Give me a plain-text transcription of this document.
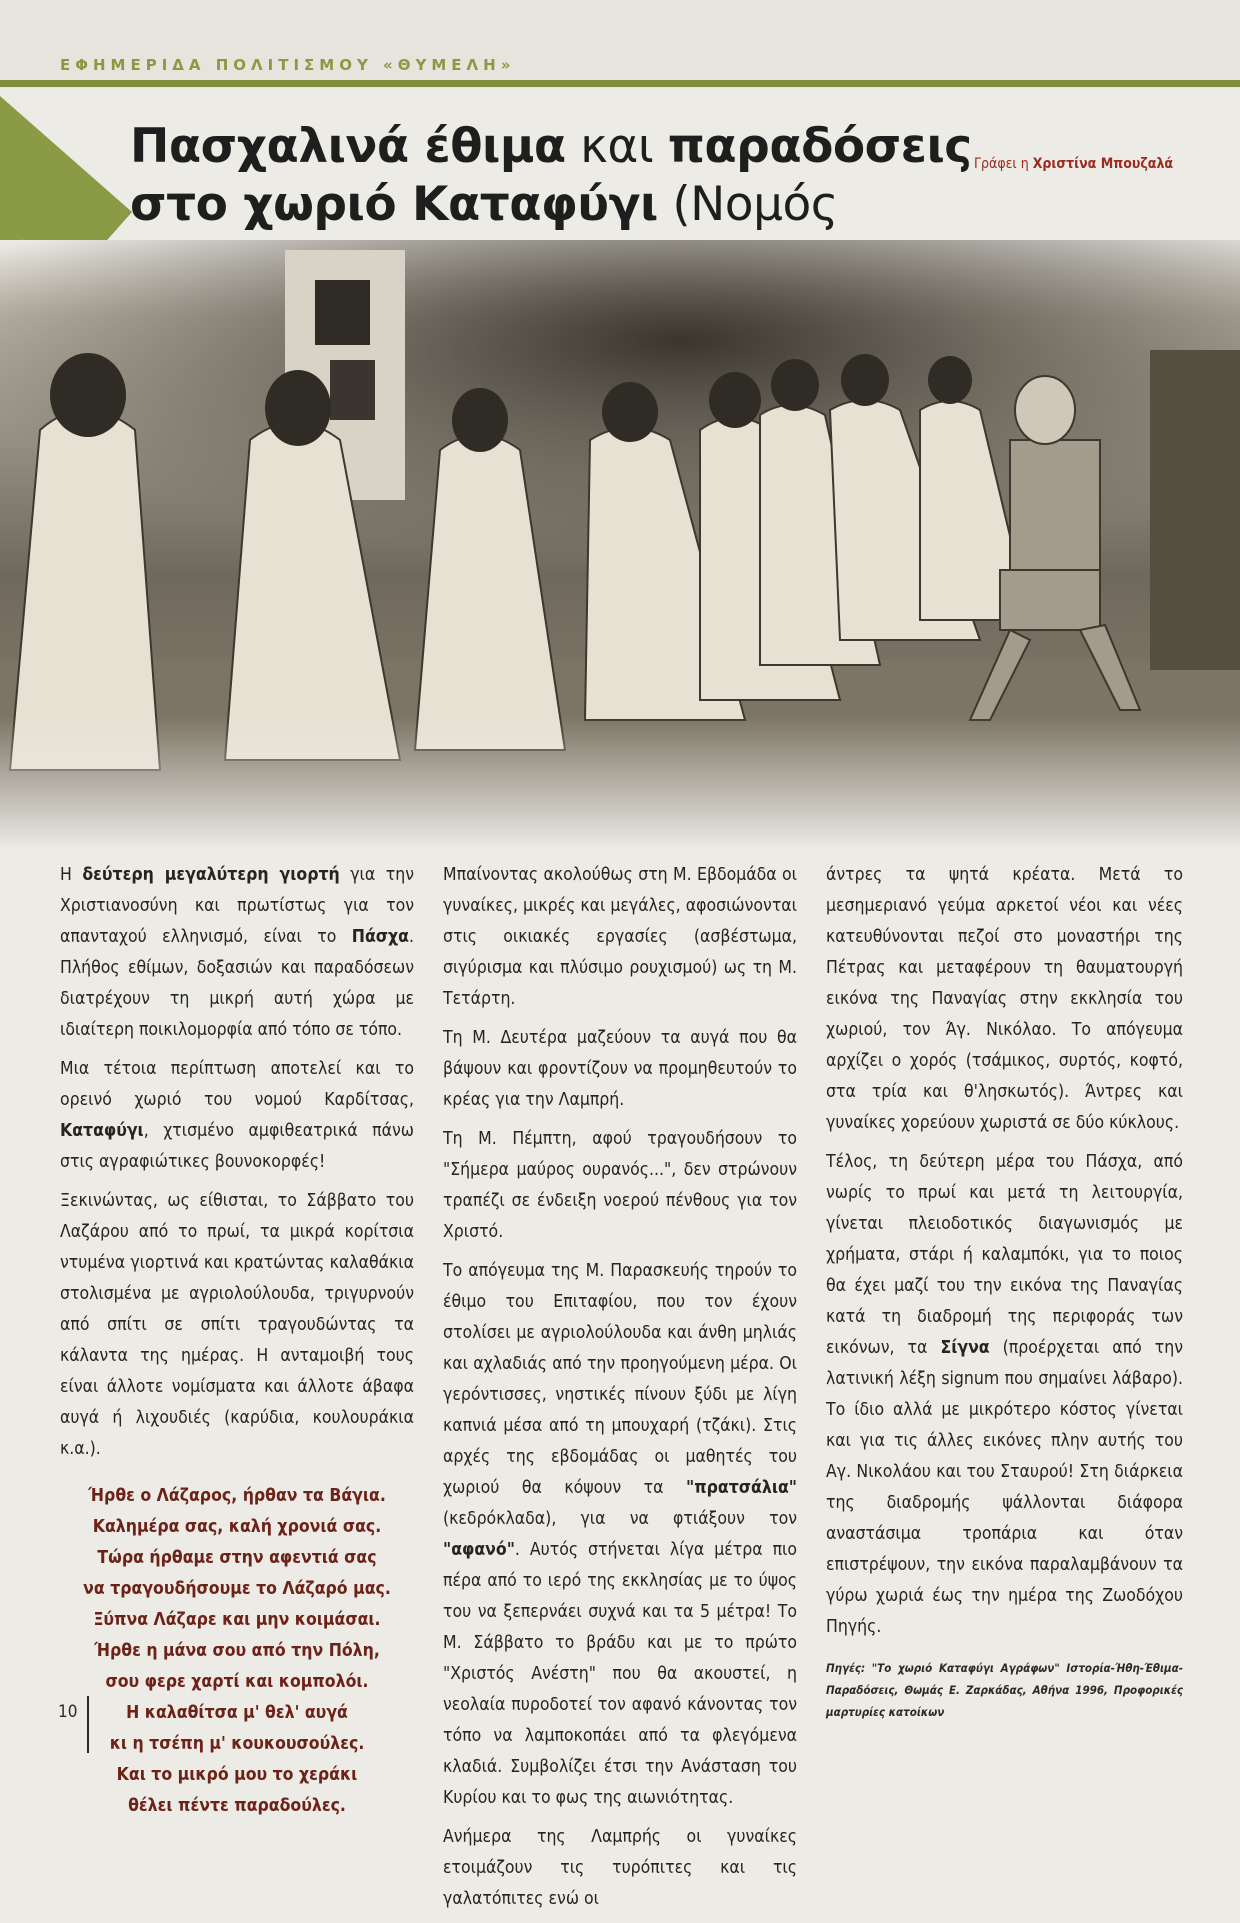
ΕΦΗΜΕΡΙΔΑ ΠΟΛΙΤΙΣΜΟΥ «ΘΥΜΕΛΗ»
Πασχαλινά έθιμα και παραδόσεις
στο χωριό Καταφύγι (Νομός
Γράφει η Χριστίνα Μπουζαλά

Η δεύτερη μεγαλύτερη γιορτή για την Χριστιανοσύνη και πρωτίστως για τον απανταχού ελληνισμό, είναι το Πάσχα. Πλήθος εθίμων, δοξασιών και παραδόσεων διατρέχουν τη μικρή αυτή χώρα με ιδιαίτερη ποικιλομορφία από τόπο σε τόπο.

Μια τέτοια περίπτωση αποτελεί και το ορεινό χωριό του νομού Καρδίτσας, Καταφύγι, χτισμένο αμφιθεατρικά πάνω στις αγραφιώτικες βουνοκορφές!

Ξεκινώντας, ως είθισται, το Σάββατο του Λαζάρου από το πρωί, τα μικρά κορίτσια ντυμένα γιορτινά και κρατώντας καλαθάκια στολισμένα με αγριολούλουδα, τριγυρνούν από σπίτι σε σπίτι τραγουδώντας τα κάλαντα της ημέρας. Η ανταμοιβή τους είναι άλλοτε νομίσματα και άλλοτε άβαφα αυγά ή λιχουδιές (καρύδια, κουλουράκια κ.α.).

Ήρθε ο Λάζαρος, ήρθαν τα Βάγια.
Καλημέρα σας, καλή χρονιά σας.
Τώρα ήρθαμε στην αφεντιά σας
να τραγουδήσουμε το Λάζαρό μας.
Ξύπνα Λάζαρε και μην κοιμάσαι.
Ήρθε η μάνα σου από την Πόλη,
σου φερε χαρτί και κομπολόι.
Η καλαθίτσα μ' θελ' αυγά
κι η τσέπη μ' κουκουσούλες.
Και το μικρό μου το χεράκι
θέλει πέντε παραδούλες.

Μπαίνοντας ακολούθως στη Μ. Εβδομάδα οι γυναίκες, μικρές και μεγάλες, αφοσιώνονται στις οικιακές εργασίες (ασβέστωμα, σιγύρισμα και πλύσιμο ρουχισμού) ως τη Μ. Τετάρτη.

Τη Μ. Δευτέρα μαζεύουν τα αυγά που θα βάψουν και φροντίζουν να προμηθευτούν το κρέας για την Λαμπρή.

Τη Μ. Πέμπτη, αφού τραγουδήσουν το "Σήμερα μαύρος ουρανός...", δεν στρώνουν τραπέζι σε ένδειξη νοερού πένθους για τον Χριστό.

Το απόγευμα της Μ. Παρασκευής τηρούν το έθιμο του Επιταφίου, που τον έχουν στολίσει με αγριολούλουδα και άνθη μηλιάς και αχλαδιάς από την προηγούμενη μέρα. Οι γερόντισσες, νηστικές πίνουν ξύδι με λίγη καπνιά μέσα από τη μπουχαρή (τζάκι). Στις αρχές της εβδομάδας οι μαθητές του χωριού θα κόψουν τα "πρατσάλια" (κεδρόκλαδα), για να φτιάξουν τον "αφανό". Αυτός στήνεται λίγα μέτρα πιο πέρα από το ιερό της εκκλησίας με το ύψος του να ξεπερνάει συχνά και τα 5 μέτρα! Το Μ. Σάββατο το βράδυ και με το πρώτο "Χριστός Ανέστη" που θα ακουστεί, η νεολαία πυροδοτεί τον αφανό κάνοντας τον τόπο να λαμποκοπάει από τα φλεγόμενα κλαδιά. Συμβολίζει έτσι την Ανάσταση του Κυρίου και το φως της αιωνιότητας.

Ανήμερα της Λαμπρής οι γυναίκες ετοιμάζουν τις τυρόπιτες και τις γαλατόπιτες ενώ οι

άντρες τα ψητά κρέατα. Μετά το μεσημεριανό γεύμα αρκετοί νέοι και νέες κατευθύνονται πεζοί στο μοναστήρι της Πέτρας και μεταφέρουν τη θαυματουργή εικόνα της Παναγίας στην εκκλησία του χωριού, τον Άγ. Νικόλαο. Το απόγευμα αρχίζει ο χορός (τσάμικος, συρτός, κοφτό, στα τρία και θ'λησκωτός). Άντρες και γυναίκες χορεύουν χωριστά σε δύο κύκλους.

Τέλος, τη δεύτερη μέρα του Πάσχα, από νωρίς το πρωί και μετά τη λειτουργία, γίνεται πλειοδοτικός διαγωνισμός με χρήματα, στάρι ή καλαμπόκι, για το ποιος θα έχει μαζί του την εικόνα της Παναγίας κατά τη διαδρομή της περιφοράς των εικόνων, τα Σίγνα (προέρχεται από την λατινική λέξη signum που σημαίνει λάβαρο). Το ίδιο αλλά με μικρότερο κόστος γίνεται και για τις άλλες εικόνες πλην αυτής του Αγ. Νικολάου και του Σταυρού! Στη διάρκεια της διαδρομής ψάλλονται διάφορα αναστάσιμα τροπάρια και όταν επιστρέψουν, την εικόνα παραλαμβάνουν τα γύρω χωριά έως την ημέρα της Ζωοδόχου Πηγής.

Πηγές: "Το χωριό Καταφύγι Αγράφων" Ιστορία-Ήθη-Έθιμα-Παραδόσεις, Θωμάς Ε. Ζαρκάδας, Αθήνα 1996, Προφορικές μαρτυρίες κατοίκων

10
